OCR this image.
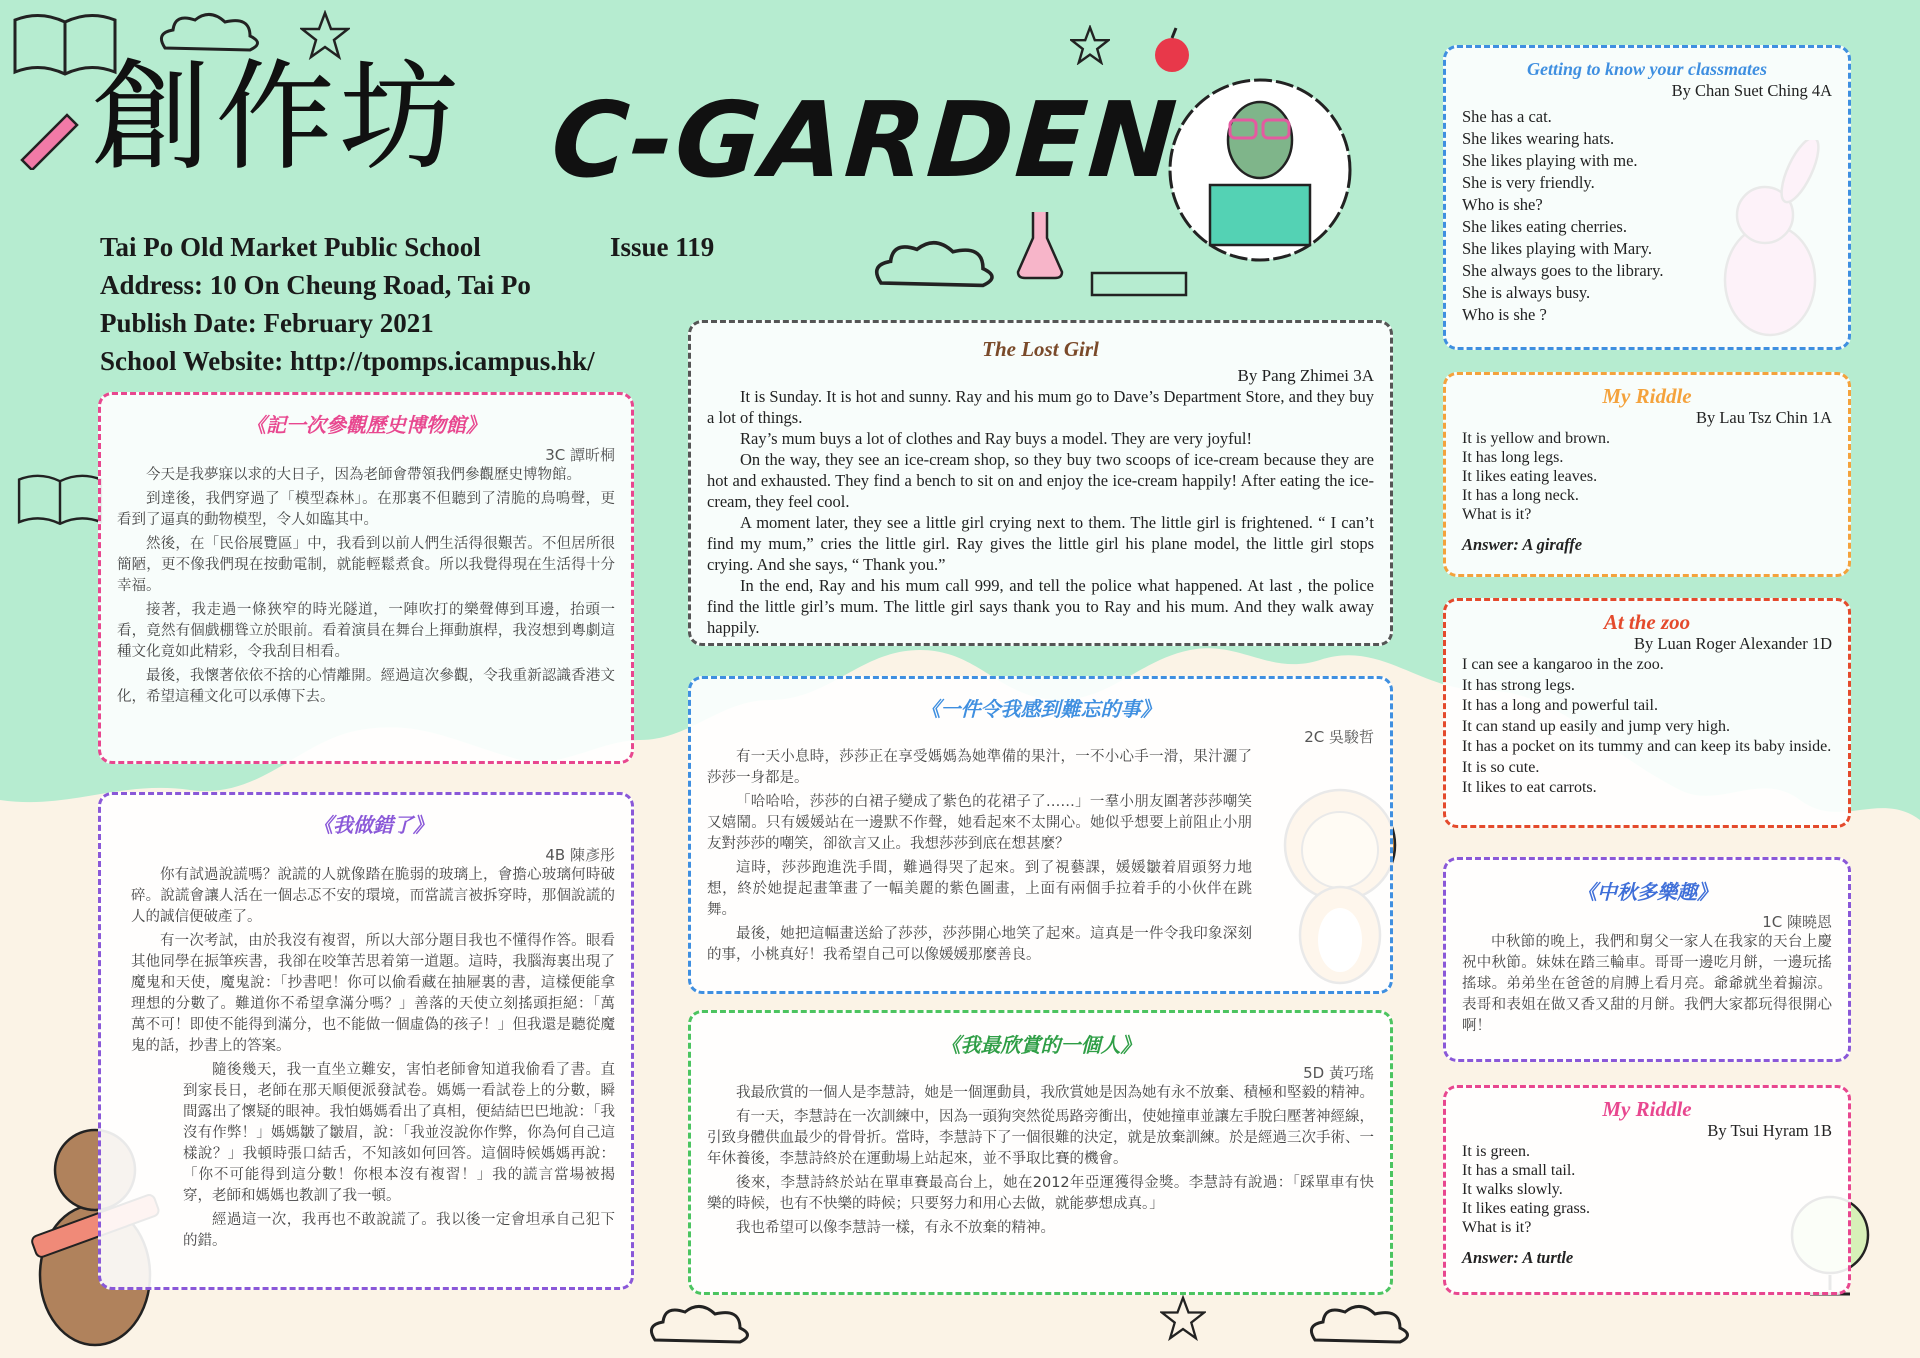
創作坊 C-GARDEN
Tai Po Old Market Public School
Address: 10 On Cheung Road, Tai Po
Publish Date: February 2021
School Website: http://tpomps.icampus.hk/
Issue 119
《記一次參觀歷史博物館》
3C 譚昕桐

今天是我夢寐以求的大日子，因為老師會帶領我們參觀歷史博物館。

到達後，我們穿過了「模型森林」。在那裏不但聽到了清脆的鳥鳴聲，更看到了逼真的動物模型，令人如臨其中。

然後，在「民俗展覽區」中，我看到以前人們生活得很艱苦。不但居所很簡陋，更不像我們現在按動電制，就能輕鬆煮食。所以我覺得現在生活得十分幸福。

接著，我走過一條狹窄的時光隧道，一陣吹打的樂聲傳到耳邊，抬頭一看，竟然有個戲棚聳立於眼前。看着演員在舞台上揮動旗桿，我沒想到粵劇這種文化竟如此精彩，令我刮目相看。

最後，我懷著依依不捨的心情離開。經過這次參觀，令我重新認識香港文化，希望這種文化可以承傳下去。

《我做錯了》
4B 陳彥彤

你有試過說謊嗎？說謊的人就像踏在脆弱的玻璃上，會擔心玻璃何時破碎。說謊會讓人活在一個忐忑不安的環境，而當謊言被拆穿時，那個說謊的人的誠信便破產了。

有一次考試，由於我沒有複習，所以大部分題目我也不懂得作答。眼看其他同學在振筆疾書，我卻在咬筆苦思着第一道題。這時，我腦海裏出現了魔鬼和天使，魔鬼說：「抄書吧！你可以偷看藏在抽屜裏的書，這樣便能拿理想的分數了。難道你不希望拿滿分嗎？」善落的天使立刻搖頭拒絕：「萬萬不可！即使不能得到滿分，也不能做一個虛偽的孩子！」但我還是聽從魔鬼的話，抄書上的答案。

隨後幾天，我一直坐立難安，害怕老師會知道我偷看了書。直到家長日，老師在那天順便派發試卷。媽媽一看試卷上的分數，瞬間露出了懷疑的眼神。我怕媽媽看出了真相，便結結巴巴地說：「我沒有作弊！」媽媽皺了皺眉，說：「我並沒說你作弊，你為何自己這樣說？」我頓時張口結舌，不知該如何回答。這個時候媽媽再說：「你不可能得到這分數！你根本沒有複習！」我的謊言當場被揭穿，老師和媽媽也教訓了我一頓。

經過這一次，我再也不敢說謊了。我以後一定會坦承自己犯下的錯。

The Lost Girl
By Pang Zhimei 3A

It is Sunday. It is hot and sunny. Ray and his mum go to Dave’s Department Store, and they buy a lot of things.

Ray’s mum buys a lot of clothes and Ray buys a model. They are very joyful!

On the way, they see an ice-cream shop, so they buy two scoops of ice-cream because they are hot and exhausted. They find a bench to sit on and enjoy the ice-cream happily! After eating the ice-cream, they feel cool.

A moment later, they see a little girl crying next to them. The little girl is frightened. “ I can’t find my mum,” cries the little girl. Ray gives the little girl his plane model, the little girl stops crying. And she says, “ Thank you.”

In the end, Ray and his mum call 999, and tell the police what happened. At last , the police find the little girl’s mum. The little girl says thank you to Ray and his mum. And they walk away happily.

《一件令我感到難忘的事》
2C 吳駿哲

有一天小息時，莎莎正在享受媽媽為她準備的果汁，一不小心手一滑，果汁灑了莎莎一身都是。

「哈哈哈，莎莎的白裙子變成了紫色的花裙子了……」一羣小朋友圍著莎莎嘲笑又嬉鬧。只有媛媛站在一邊默不作聲，她看起來不太開心。她似乎想要上前阻止小朋友對莎莎的嘲笑，卻欲言又止。我想莎莎到底在想甚麼？

這時，莎莎跑進洗手間，難過得哭了起來。到了視藝課，媛媛皺着眉頭努力地想，終於她提起畫筆畫了一幅美麗的紫色圖畫，上面有兩個手拉着手的小伙伴在跳舞。

最後，她把這幅畫送給了莎莎，莎莎開心地笑了起來。這真是一件令我印象深刻的事，小桃真好！我希望自己可以像媛媛那麼善良。

《我最欣賞的一個人》
5D 黃巧瑤

我最欣賞的一個人是李慧詩，她是一個運動員，我欣賞她是因為她有永不放棄、積極和堅毅的精神。

有一天，李慧詩在一次訓練中，因為一頭狗突然從馬路旁衝出，使她撞車並讓左手脫臼壓著神經線，引致身體供血最少的骨骨折。當時，李慧詩下了一個很難的決定，就是放棄訓練。於是經過三次手術、一年休養後，李慧詩終於在運動場上站起來，並不爭取比賽的機會。

後來，李慧詩終於站在單車賽最高台上，她在2012年亞運獲得金獎。李慧詩有說過：「踩單車有快樂的時候，也有不快樂的時候；只要努力和用心去做，就能夢想成真。」

我也希望可以像李慧詩一樣，有永不放棄的精神。

Getting to know your classmates
By Chan Suet Ching 4A
She has a cat.
She likes wearing hats.
She likes playing with me.
She is very friendly.
Who is she?
She likes eating cherries.
She likes playing with Mary.
She always goes to the library.
She is always busy.
Who is she ?
My Riddle
By Lau Tsz Chin 1A
It is yellow and brown.
It has long legs.
It likes eating leaves.
It has a long neck.
What is it?
Answer: A giraffe
At the zoo
By Luan Roger Alexander 1D
I can see a kangaroo in the zoo.
It has strong legs.
It has a long and powerful tail.
It can stand up easily and jump very high.
It has a pocket on its tummy and can keep its baby inside.
It is so cute.
It likes to eat carrots.
《中秋多樂趣》
1C 陳曉恩

中秋節的晚上，我們和舅父一家人在我家的天台上慶祝中秋節。妹妹在踏三輪車。哥哥一邊吃月餅，一邊玩搖搖球。弟弟坐在爸爸的肩膊上看月亮。爺爺就坐着搧涼。表哥和表姐在做又香又甜的月餅。我們大家都玩得很開心啊！

My Riddle
By Tsui Hyram 1B
It is green.
It has a small tail.
It walks slowly.
It likes eating grass.
What is it?
Answer: A turtle
